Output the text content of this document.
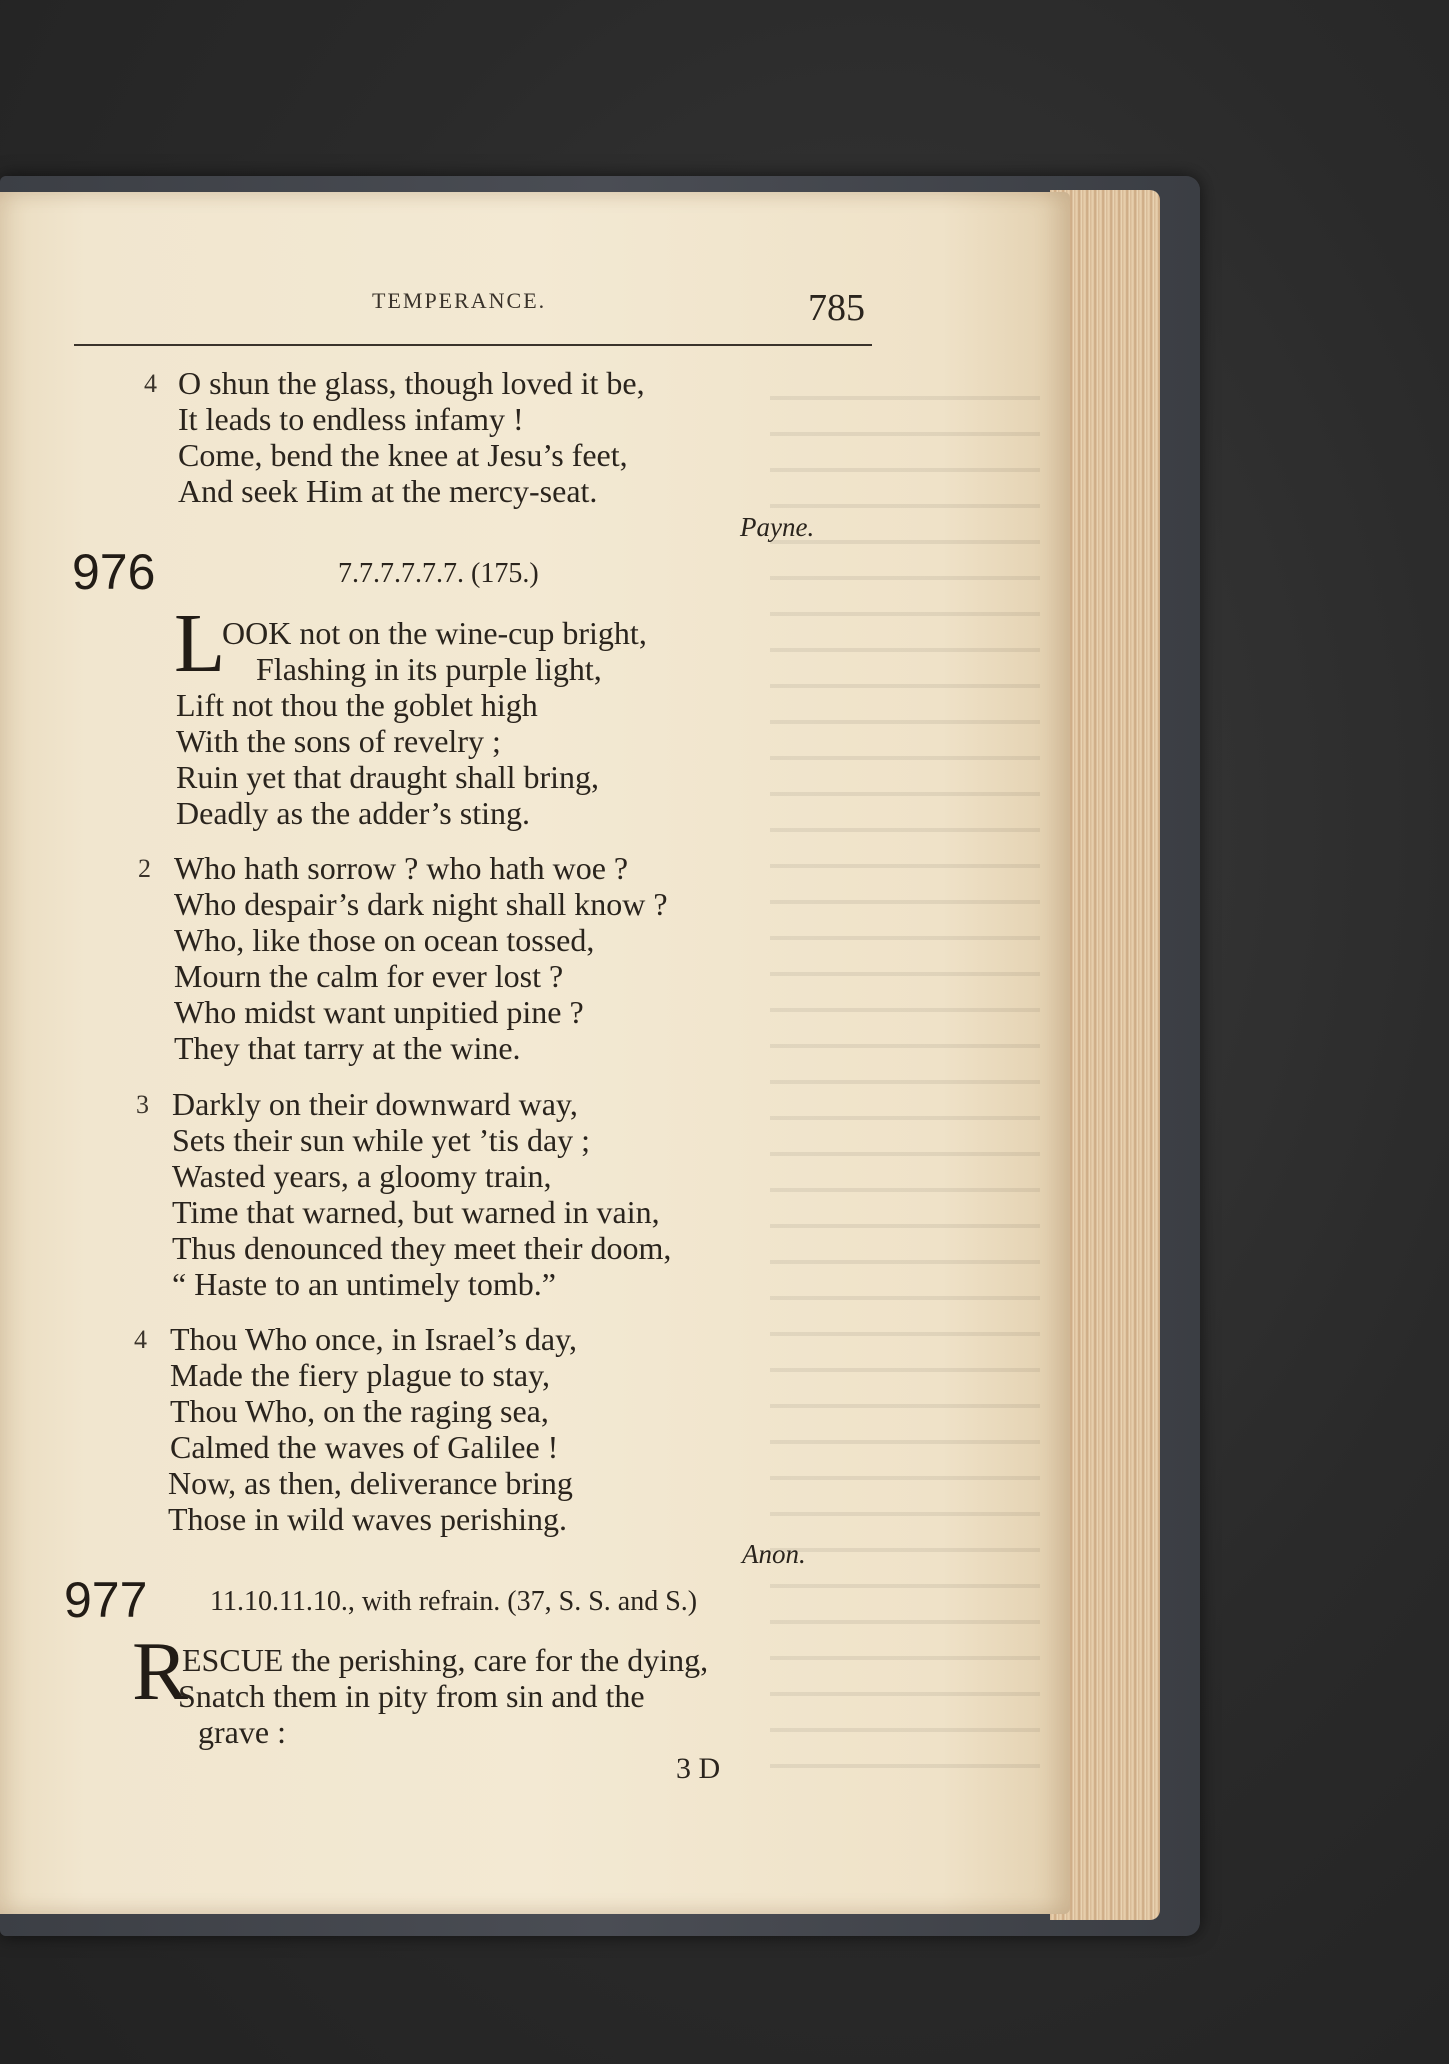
TEMPERANCE.	785
4 O shun the glass, though loved it be,
It leads to endless infamy !
Come, bend the knee at Jesu’s feet,
And seek Him at the mercy-seat.
Payne.
976	7.7.7.7.7.7. (175.)
L
OOK not on the wine-cup bright,
Flashing in its purple light,
Lift not thou the goblet high
With the sons of revelry ;
Ruin yet that draught shall bring,
Deadly as the adder’s sting.
2 Who hath sorrow ? who hath woe ?
Who despair’s dark night shall know ?
Who, like those on ocean tossed,
Mourn the calm for ever lost ?
Who midst want unpitied pine ?
They that tarry at the wine.
3 Darkly on their downward way,
Sets their sun while yet ’tis day ;
Wasted years, a gloomy train,
Time that warned, but warned in vain,
Thus denounced they meet their doom,
“ Haste to an untimely tomb.”
4 Thou Who once, in Israel’s day,
Made the fiery plague to stay,
Thou Who, on the raging sea,
Calmed the waves of Galilee !
Now, as then, deliverance bring
Those in wild waves perishing.
Anon.
977 11.10.11.10., with refrain. (37, S. S. and S.)
R
ESCUE the perishing, care for the dying,
Snatch them in pity from sin and the
grave :
3 D
